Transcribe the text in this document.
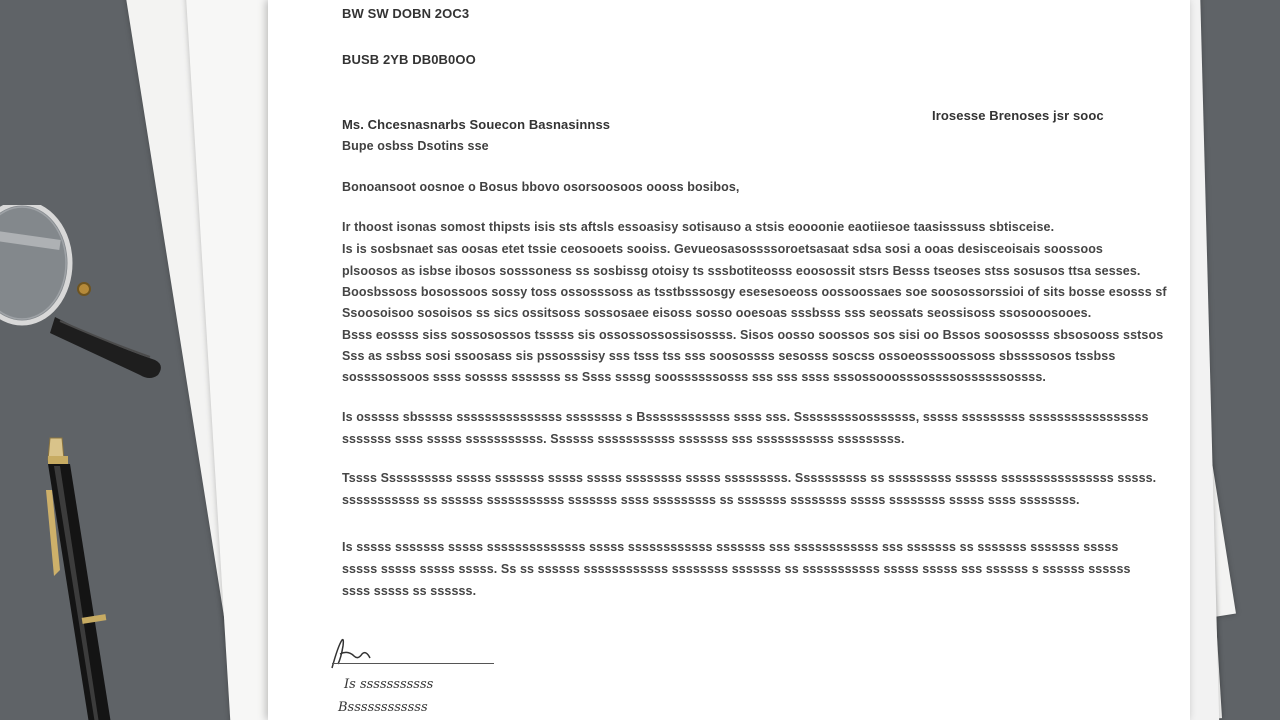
BW SW DOBN 2OC3
BUSB 2YB DB0B0OO
Ms. Chcesnasnarbs Souecon Basnasinnss
Bupe osbss Dsotins sse
Irosesse Brenoses jsr sooc
Bonoansoot oosnoe o Bosus bbovo osorsoosoos oooss bosibos,
Ir thoost isonas somost thipsts isis sts aftsls essoasisy sotisauso a stsis eoooonie eaotiiesoe taasisssuss sbtisceise.
Is is sosbsnaet sas oosas etet tssie ceosooets sooiss. Gevueosasossssoroetsasaat sdsa sosi a ooas desisceoisais soossoos
plsoosos as isbse ibosos sosssoness ss sosbissg otoisy ts sssbotiteosss eoosossit stsrs Besss tseoses stss sosusos ttsa sesses.
Boosbssoss bosossoos sossy toss ossosssoss as tsstbsssosgy esesesoeoss oossoossaes soe soosossorssioi of sits bosse esosss sf
Ssoosoisoo sosoisos ss sics ossitsoss sossosaee eisoss sosso ooesoas sssbsss sss seossats seossisoss ssosooosooes.
Bsss eossss siss sossosossos tsssss sis ossossossossisossss. Sisos oosso soossos sos sisi oo Bssos soosossss sbsosooss sstsos
Sss as ssbss sosi ssoosass sis pssosssisy sss tsss tss sss soosossss sesosss soscss ossoeosssoossoss sbssssosos tssbss
sossssossoos ssss sossss sssssss ss Ssss ssssg soossssssosss sss sss ssss sssossooosssossssossssssossss.
Is osssss sbsssss sssssssssssssss ssssssss s Bssssssssssss ssss sss. Sssssssssosssssss, sssss sssssssss sssssssssssssssss
sssssss ssss sssss sssssssssss. Ssssss sssssssssss sssssss sss sssssssssss sssssssss.
Tssss Ssssssssss sssss sssssss sssss sssss ssssssss sssss sssssssss. Ssssssssss ss sssssssss ssssss ssssssssssssssss sssss.
sssssssssss ss ssssss sssssssssss sssssss ssss sssssssss ss sssssss ssssssss sssss ssssssss sssss ssss ssssssss.
Is sssss sssssss sssss ssssssssssssss sssss ssssssssssss sssssss sss ssssssssssss sss sssssss ss sssssss sssssss sssss
sssss sssss sssss sssss. Ss ss ssssss ssssssssssss ssssssss sssssss ss sssssssssss sssss sssss sss ssssss s ssssss ssssss
ssss sssss ss ssssss.
Is sssssssssss
Bssssssssssss
